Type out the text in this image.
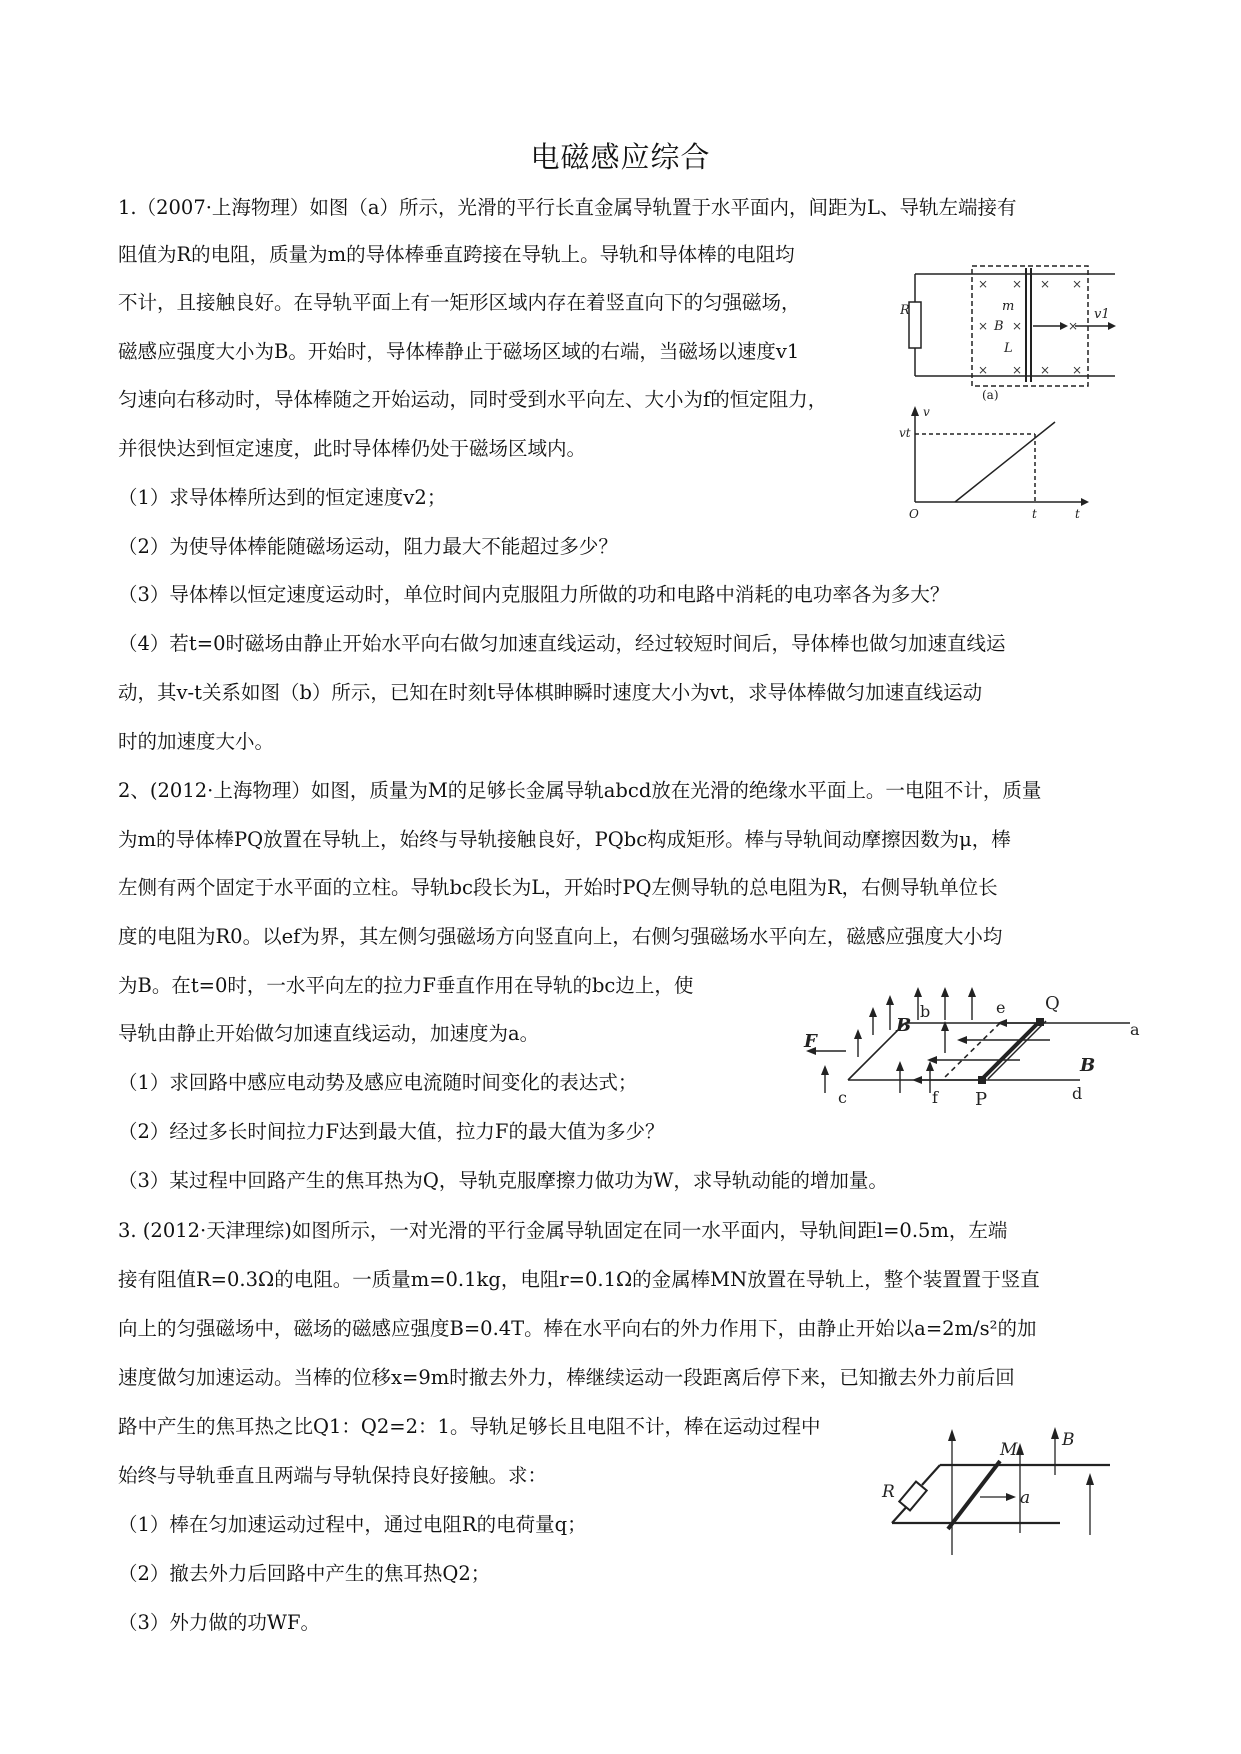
电磁感应综合
1.（2007·上海物理）如图（a）所示，光滑的平行长直金属导轨置于水平面内，间距为L、导轨左端接有
阻值为R的电阻，质量为m的导体棒垂直跨接在导轨上。导轨和导体棒的电阻均
不计，且接触良好。在导轨平面上有一矩形区域内存在着竖直向下的匀强磁场，
磁感应强度大小为B。开始时，导体棒静止于磁场区域的右端，当磁场以速度v1
匀速向右移动时，导体棒随之开始运动，同时受到水平向左、大小为f的恒定阻力，
并很快达到恒定速度，此时导体棒仍处于磁场区域内。
（1）求导体棒所达到的恒定速度v2；
（2）为使导体棒能随磁场运动，阻力最大不能超过多少？
（3）导体棒以恒定速度运动时，单位时间内克服阻力所做的功和电路中消耗的电功率各为多大？
（4）若t=0时磁场由静止开始水平向右做匀加速直线运动，经过较短时间后，导体棒也做匀加速直线运
动，其v-t关系如图（b）所示，已知在时刻t导体棋眒瞬时速度大小为vt，求导体棒做匀加速直线运动
时的加速度大小。
2、(2012·上海物理）如图，质量为M的足够长金属导轨abcd放在光滑的绝缘水平面上。一电阻不计，质量
为m的导体棒PQ放置在导轨上，始终与导轨接触良好，PQbc构成矩形。棒与导轨间动摩擦因数为μ，棒
左侧有两个固定于水平面的立柱。导轨bc段长为L，开始时PQ左侧导轨的总电阻为R，右侧导轨单位长
度的电阻为R0。以ef为界，其左侧匀强磁场方向竖直向上，右侧匀强磁场水平向左，磁感应强度大小均
为B。在t=0时，一水平向左的拉力F垂直作用在导轨的bc边上，使
导轨由静止开始做匀加速直线运动，加速度为a。
（1）求回路中感应电动势及感应电流随时间变化的表达式；
（2）经过多长时间拉力F达到最大值，拉力F的最大值为多少？
（3）某过程中回路产生的焦耳热为Q，导轨克服摩擦力做功为W，求导轨动能的增加量。
3. (2012·天津理综)如图所示，一对光滑的平行金属导轨固定在同一水平面内，导轨间距l=0.5m，左端
接有阻值R=0.3Ω的电阻。一质量m=0.1kg，电阻r=0.1Ω的金属棒MN放置在导轨上，整个装置置于竖直
向上的匀强磁场中，磁场的磁感应强度B=0.4T。棒在水平向右的外力作用下，由静止开始以a=2m/s²的加
速度做匀加速运动。当棒的位移x=9m时撤去外力，棒继续运动一段距离后停下来，已知撤去外力前后回
路中产生的焦耳热之比Q1：Q2=2：1。导轨足够长且电阻不计，棒在运动过程中
始终与导轨垂直且两端与导轨保持良好接触。求：
（1）棒在匀加速运动过程中，通过电阻R的电荷量q；
（2）撤去外力后回路中产生的焦耳热Q2；
（3）外力做的功WF。
×
×
×
×
×
×
×
×
×
×
×
R	m
B
L
v1
(a)
v
vt
O	t	t
b	e Q
a
c	f P	d
B
B
F
B
M
R	a
